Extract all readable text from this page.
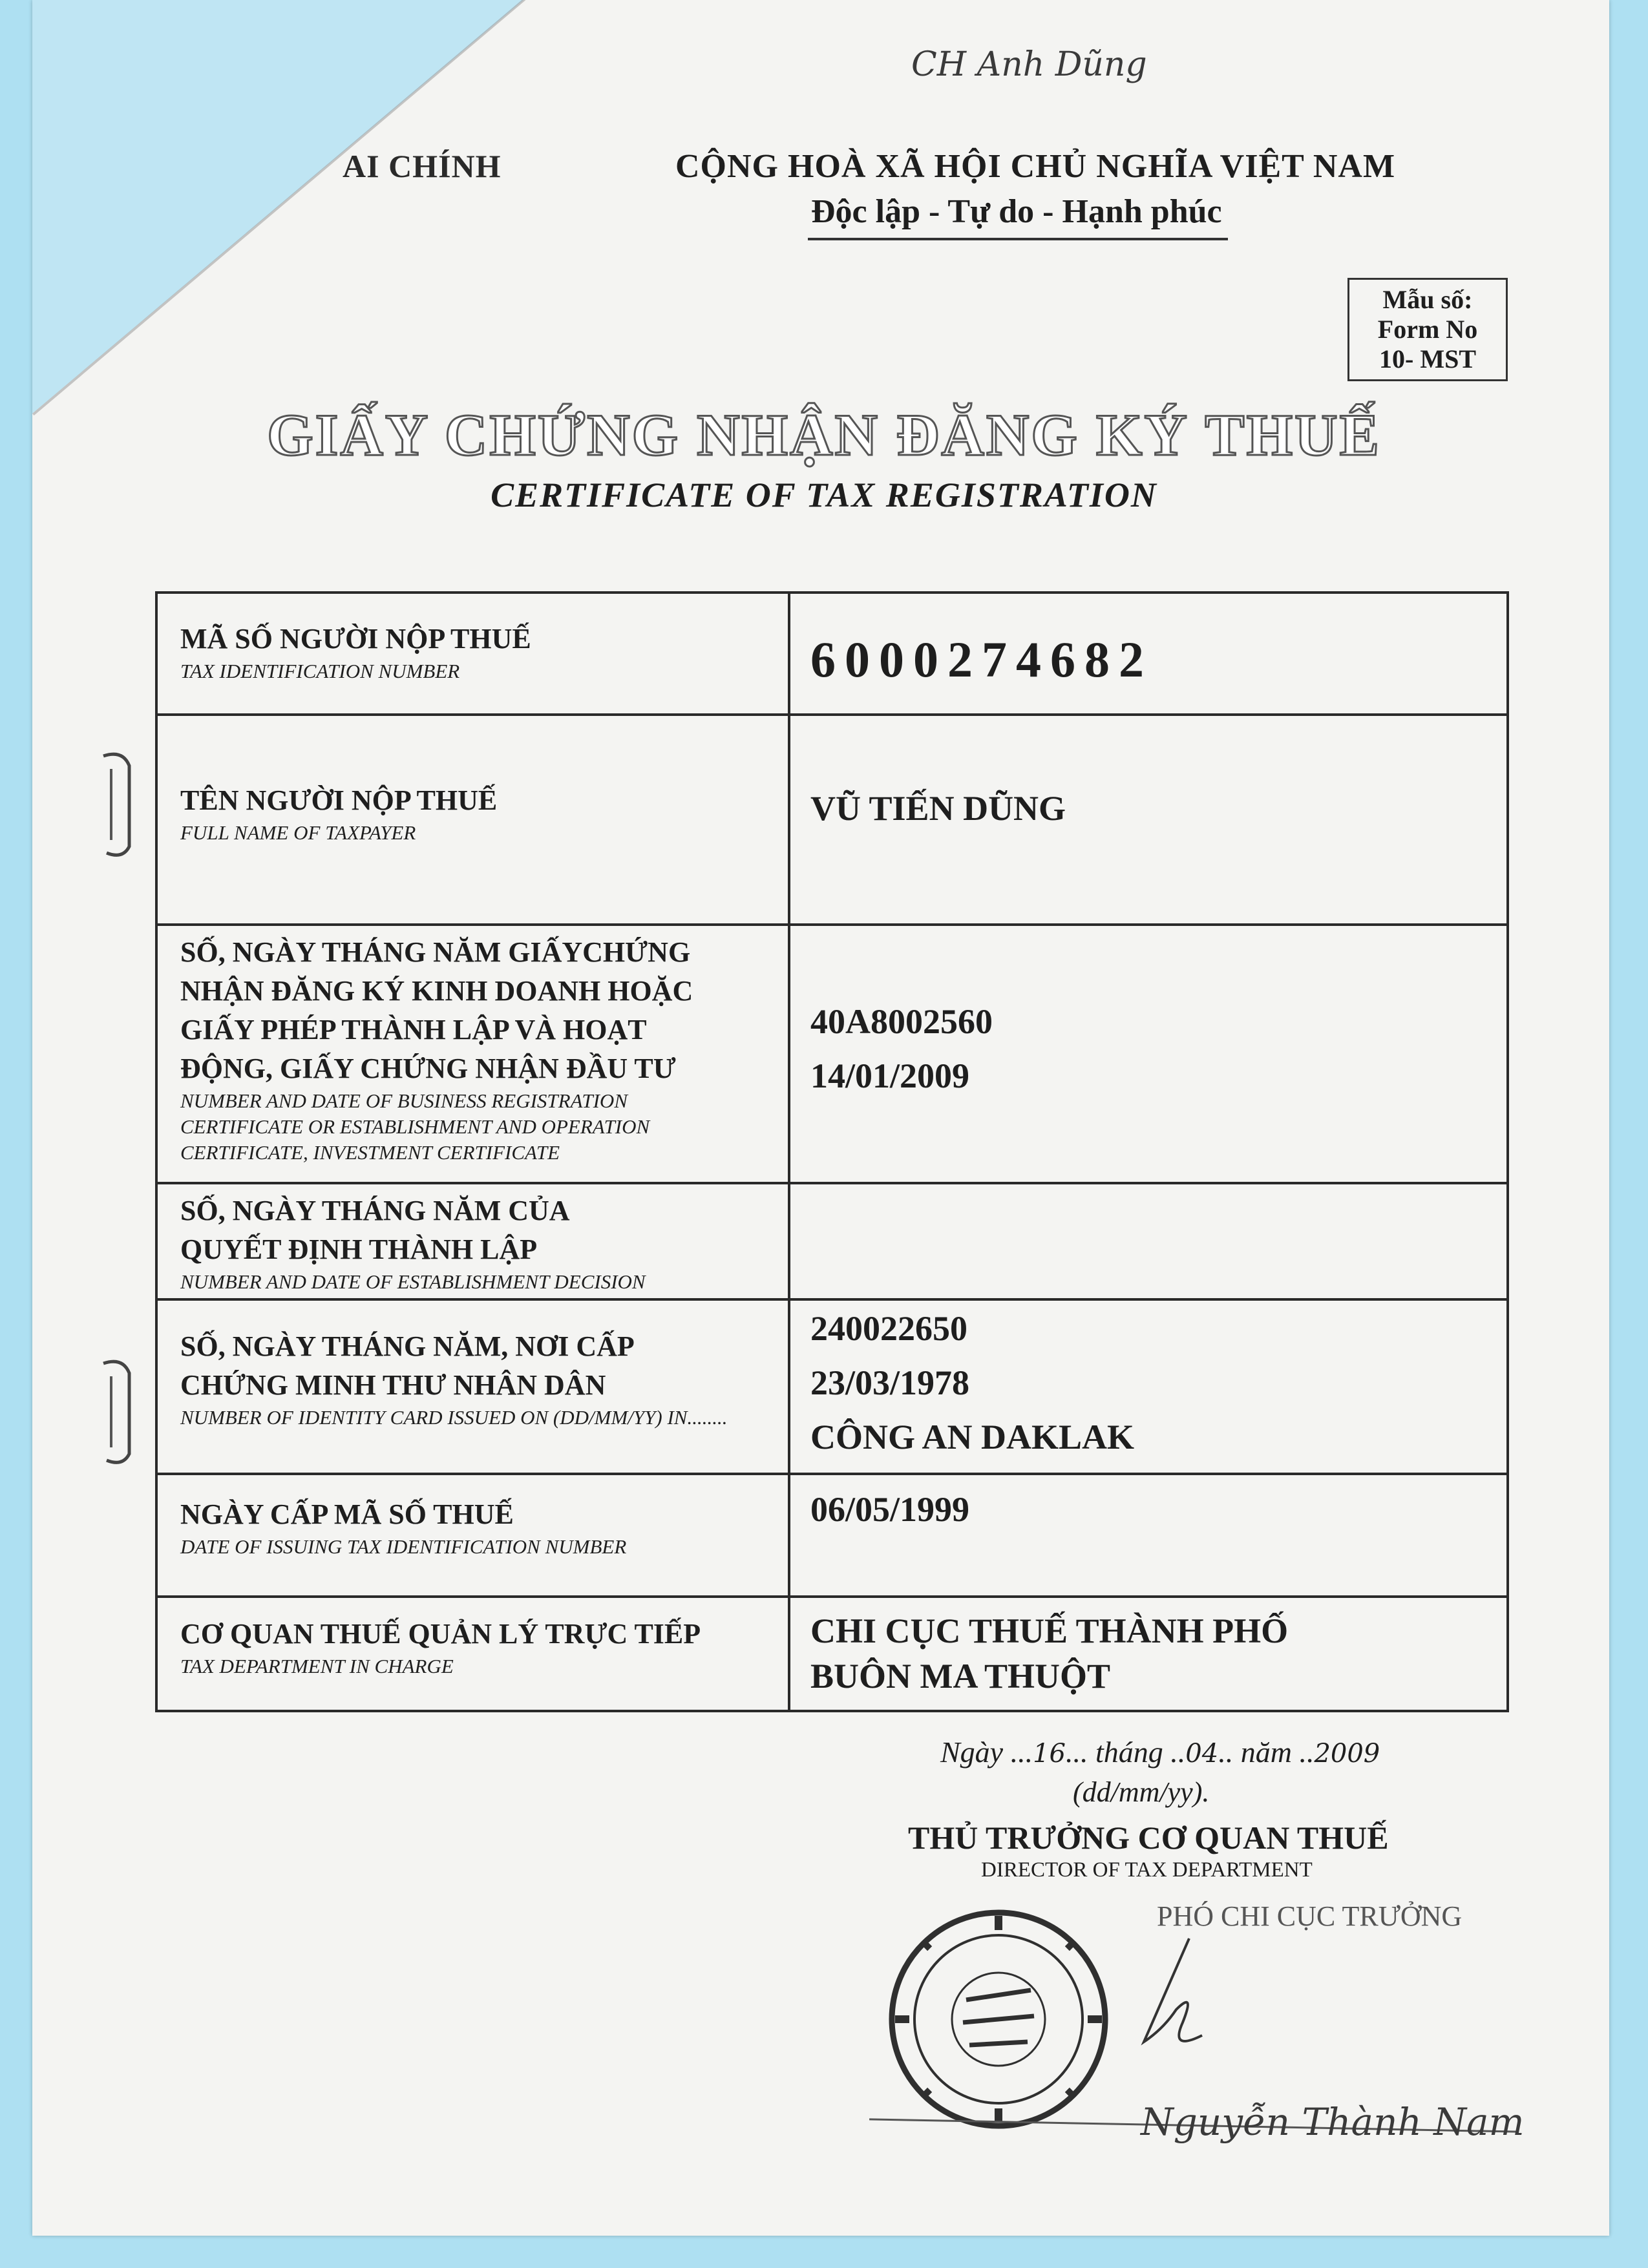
CH Anh Dũng
AI CHÍNH	CỘNG HOÀ XÃ HỘI CHỦ NGHĨA VIỆT NAM
Độc lập - Tự do - Hạnh phúc
Mẫu số:
Form No
10- MST
GIẤY CHỨNG NHẬN ĐĂNG KÝ THUẾ
CERTIFICATE OF TAX REGISTRATION
MÃ SỐ NGƯỜI NỘP THUẾ
TAX IDENTIFICATION NUMBER	6000274682
TÊN NGƯỜI NỘP THUẾ
FULL NAME OF TAXPAYER
VŨ TIẾN DŨNG
SỐ, NGÀY THÁNG NĂM GIẤYCHỨNG
NHẬN ĐĂNG KÝ KINH DOANH HOẶC
GIẤY PHÉP THÀNH LẬP VÀ HOẠT
ĐỘNG, GIẤY CHỨNG NHẬN ĐẦU TƯ
NUMBER AND DATE OF BUSINESS REGISTRATION
CERTIFICATE OR ESTABLISHMENT AND OPERATION
CERTIFICATE, INVESTMENT CERTIFICATE
40A8002560
14/01/2009
SỐ, NGÀY THÁNG NĂM CỦA
QUYẾT ĐỊNH THÀNH LẬP
NUMBER AND DATE OF ESTABLISHMENT DECISION
SỐ, NGÀY THÁNG NĂM, NƠI CẤP
CHỨNG MINH THƯ NHÂN DÂN
NUMBER OF IDENTITY CARD ISSUED ON (DD/MM/YY) IN........
240022650
23/03/1978
CÔNG AN DAKLAK
NGÀY CẤP MÃ SỐ THUẾ
DATE OF ISSUING TAX IDENTIFICATION NUMBER
06/05/1999
CƠ QUAN THUẾ QUẢN LÝ TRỰC TIẾP
TAX DEPARTMENT IN CHARGE
CHI CỤC THUẾ THÀNH PHỐ
BUÔN MA THUỘT
Ngày ...16... tháng ..04.. năm ..2009
(dd/mm/yy).
THỦ TRƯỞNG CƠ QUAN THUẾ
DIRECTOR OF TAX DEPARTMENT
PHÓ CHI CỤC TRƯỞNG
Nguyễn Thành Nam
